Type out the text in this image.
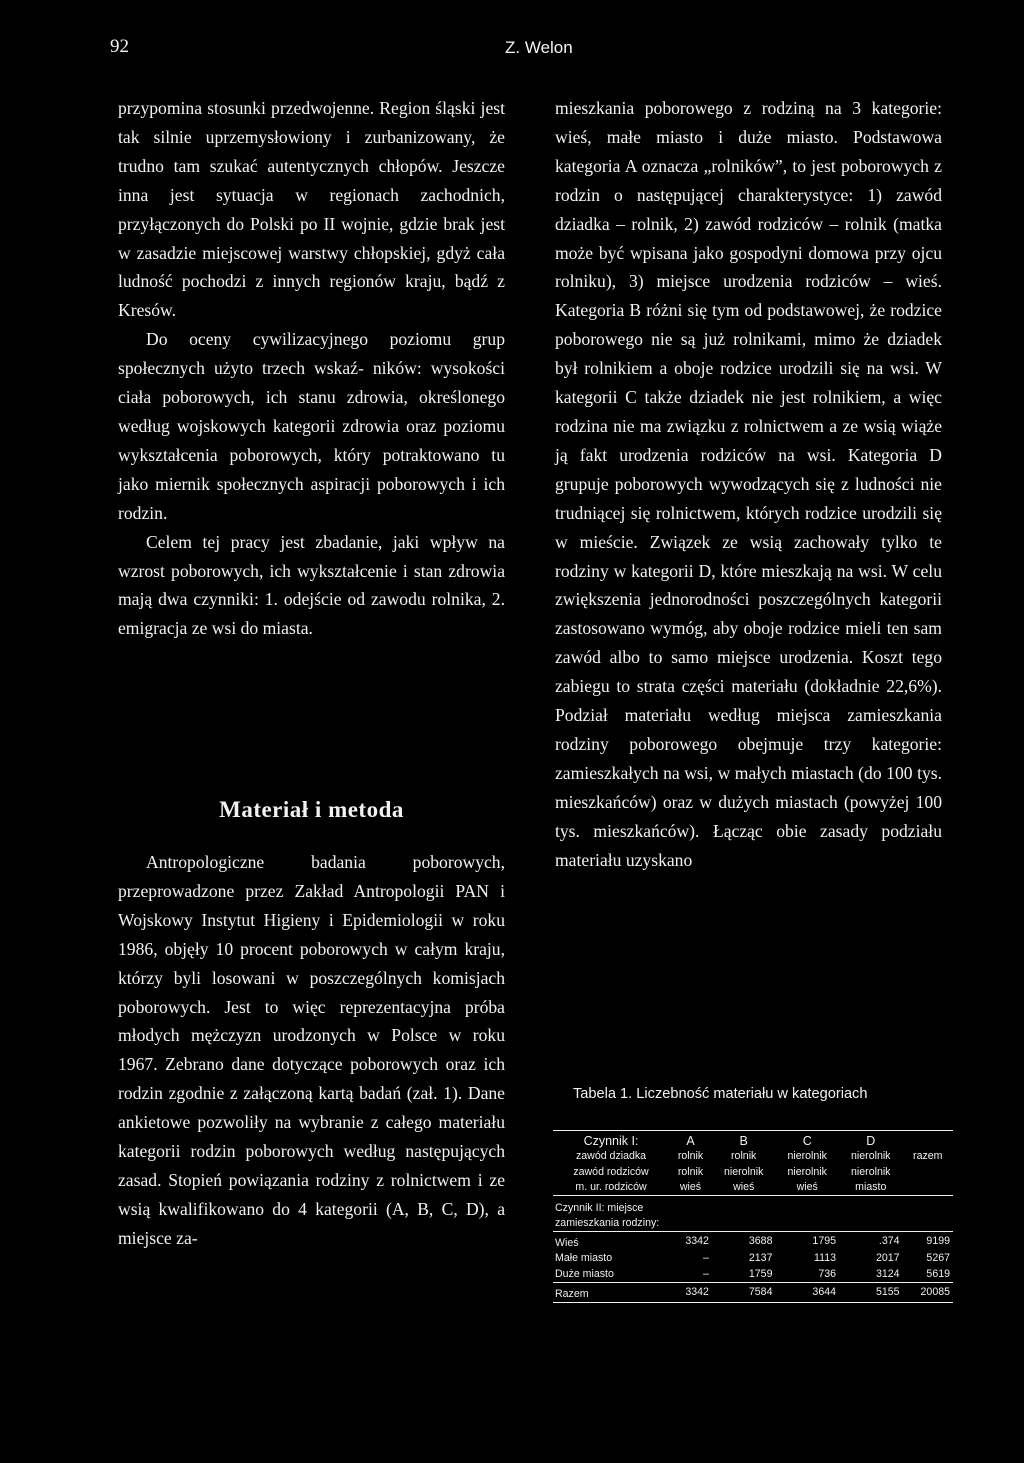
92	Z. Welon

przypomina stosunki przedwojenne. Region śląski jest tak silnie uprzemysłowiony i zurbanizowany, że trudno tam szukać autentycznych chłopów. Jeszcze inna jest sytuacja w regionach zachodnich, przyłączonych do Polski po II wojnie, gdzie brak jest w zasadzie miejscowej warstwy chłopskiej, gdyż cała ludność pochodzi z innych regionów kraju, bądź z Kresów.

Do oceny cywilizacyjnego poziomu grup społecznych użyto trzech wskaź- ników: wysokości ciała poborowych, ich stanu zdrowia, określonego według wojskowych kategorii zdrowia oraz poziomu wykształcenia poborowych, który potraktowano tu jako miernik społecznych aspiracji poborowych i ich rodzin.

Celem tej pracy jest zbadanie, jaki wpływ na wzrost poborowych, ich wykształcenie i stan zdrowia mają dwa czynniki: 1. odejście od zawodu rolnika, 2. emigracja ze wsi do miasta.

Materiał i metoda

Antropologiczne badania poborowych, przeprowadzone przez Zakład Antropologii PAN i Wojskowy Instytut Higieny i Epidemiologii w roku 1986, objęły 10 procent poborowych w całym kraju, którzy byli losowani w poszczególnych komisjach poborowych. Jest to więc reprezentacyjna próba młodych mężczyzn urodzonych w Polsce w roku 1967. Zebrano dane dotyczące poborowych oraz ich rodzin zgodnie z załączoną kartą badań (zał. 1). Dane ankietowe pozwoliły na wybranie z całego materiału kategorii rodzin poborowych według następujących zasad. Stopień powiązania rodziny z rolnictwem i ze wsią kwalifikowano do 4 kategorii (A, B, C, D), a miejsce za-

mieszkania poborowego z rodziną na 3 kategorie: wieś, małe miasto i duże miasto. Podstawowa kategoria A oznacza „rolników”, to jest poborowych z rodzin o następującej charakterystyce: 1) zawód dziadka – rolnik, 2) zawód rodziców – rolnik (matka może być wpisana jako gospodyni domowa przy ojcu rolniku), 3) miejsce urodzenia rodziców – wieś. Kategoria B różni się tym od podstawowej, że rodzice poborowego nie są już rolnikami, mimo że dziadek był rolnikiem a oboje rodzice urodzili się na wsi. W kategorii C także dziadek nie jest rolnikiem, a więc rodzina nie ma związku z rolnictwem a ze wsią wiąże ją fakt urodzenia rodziców na wsi. Kategoria D grupuje poborowych wywodzących się z ludności nie trudniącej się rolnictwem, których rodzice urodzili się w mieście. Związek ze wsią zachowały tylko te rodziny w kategorii D, które mieszkają na wsi. W celu zwiększenia jednorodności poszczególnych kategorii zastosowano wymóg, aby oboje rodzice mieli ten sam zawód albo to samo miejsce urodzenia. Koszt tego zabiegu to strata części materiału (dokładnie 22,6%). Podział materiału według miejsca zamieszkania rodziny poborowego obejmuje trzy kategorie: zamieszkałych na wsi, w małych miastach (do 100 tys. mieszkańców) oraz w dużych miastach (powyżej 100 tys. mieszkańców). Łącząc obie zasady podziału materiału uzyskano

Tabela 1. Liczebność materiału w kategoriach
Czynnik I:	A	B	C	D	
zawód dziadka	rolnik	rolnik	nierolnik	nierolnik	razem
zawód rodziców	rolnik	nierolnik	nierolnik	nierolnik	
m. ur. rodziców	wieś	wieś	wieś	miasto	
Czynnik II: miejsce					
zamieszkania rodziny:					
Wieś	3342	3688	1795	.374	9199
Małe miasto	–	2137	1113	2017	5267
Duże miasto	–	1759	736	3124	5619
Razem	3342	7584	3644	5155	20085
